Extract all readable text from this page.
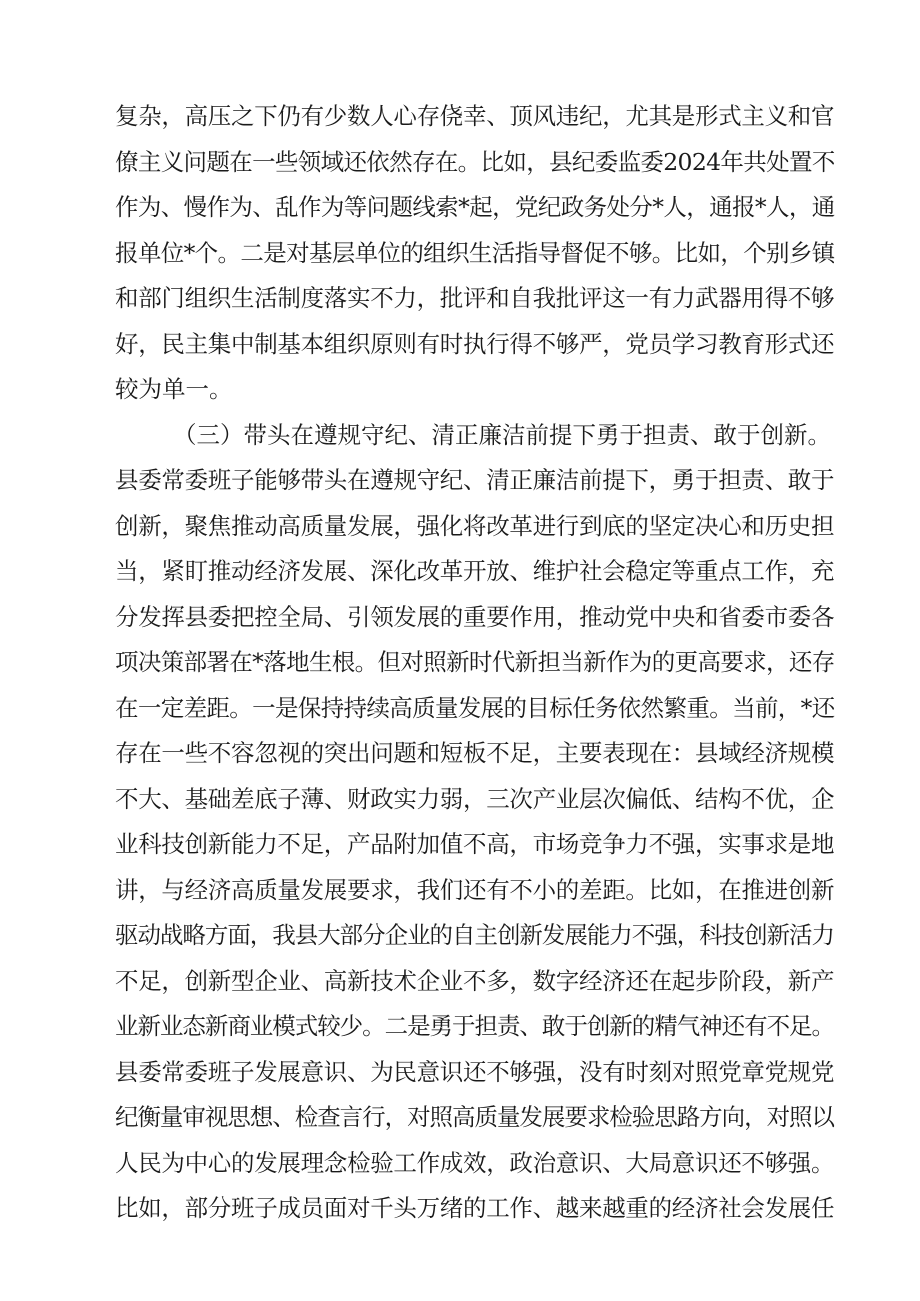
复杂，高压之下仍有少数人心存侥幸、顶风违纪，尤其是形式主义和官
僚主义问题在一些领域还依然存在。比如，县纪委监委2024年共处置不
作为、慢作为、乱作为等问题线索*起，党纪政务处分*人，通报*人，通
报单位*个。二是对基层单位的组织生活指导督促不够。比如，个别乡镇
和部门组织生活制度落实不力，批评和自我批评这一有力武器用得不够
好，民主集中制基本组织原则有时执行得不够严，党员学习教育形式还
较为单一。
（三）带头在遵规守纪、清正廉洁前提下勇于担责、敢于创新。
县委常委班子能够带头在遵规守纪、清正廉洁前提下，勇于担责、敢于
创新，聚焦推动高质量发展，强化将改革进行到底的坚定决心和历史担
当，紧盯推动经济发展、深化改革开放、维护社会稳定等重点工作，充
分发挥县委把控全局、引领发展的重要作用，推动党中央和省委市委各
项决策部署在*落地生根。但对照新时代新担当新作为的更高要求，还存
在一定差距。一是保持持续高质量发展的目标任务依然繁重。当前，*还
存在一些不容忽视的突出问题和短板不足，主要表现在：县域经济规模
不大、基础差底子薄、财政实力弱，三次产业层次偏低、结构不优，企
业科技创新能力不足，产品附加值不高，市场竞争力不强，实事求是地
讲，与经济高质量发展要求，我们还有不小的差距。比如，在推进创新
驱动战略方面，我县大部分企业的自主创新发展能力不强，科技创新活力
不足，创新型企业、高新技术企业不多，数字经济还在起步阶段，新产
业新业态新商业模式较少。二是勇于担责、敢于创新的精气神还有不足。
县委常委班子发展意识、为民意识还不够强，没有时刻对照党章党规党
纪衡量审视思想、检查言行，对照高质量发展要求检验思路方向，对照以
人民为中心的发展理念检验工作成效，政治意识、大局意识还不够强。
比如，部分班子成员面对千头万绪的工作、越来越重的经济社会发展任
